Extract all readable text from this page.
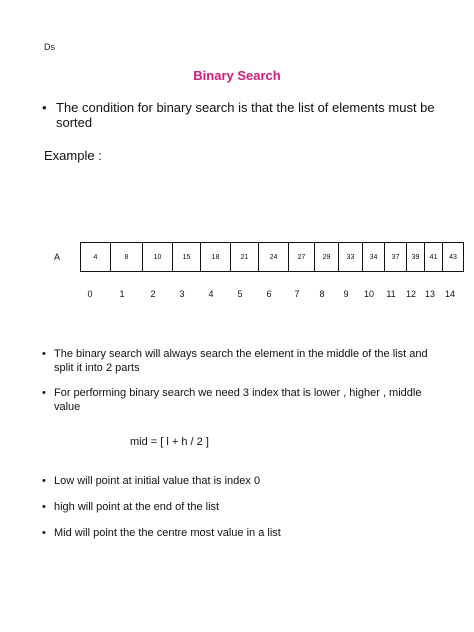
Ds
Binary Search
• The condition for binary search is that the list of elements must be sorted
Example :
A	4	8	10	15	18	21	24	27	29	33	34	37	39	41	43
0	1	2	3	4	5	6	7	8	9	10	11	12 13	14
• The binary search will always search the element in the middle of the list and split it into 2 parts
• For performing binary search we need 3 index that is lower , higher , middle value
mid = [ l + h / 2 ]
• Low will point at initial value that is index 0
• high will point at the end of the list
• Mid will point the the centre most value in a list
